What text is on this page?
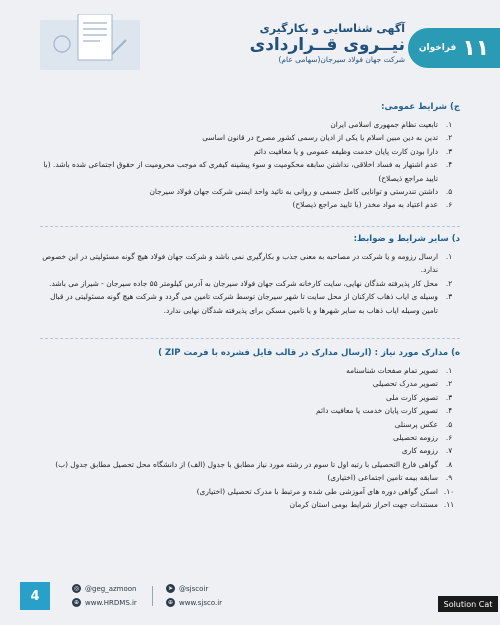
آگهی شناسایی و بکارگیری
نیــروی قــراردادی
شرکت جهان فولاد سیرجان(سهامی عام)	۱۱
فراخوان
ج) شرایط عمومی:
۱.
تابعیت نظام جمهوری اسلامی ایران
۲.
تدین به دین مبین اسلام یا یکی از ادیان رسمی کشور مصرح در قانون اساسی
۳.
دارا بودن کارت پایان خدمت وظیفه عمومی و یا معافیت دائم
۴.
عدم اشتهار به فساد اخلاقی، نداشتن سابقه محکومیت و سوء پیشینه کیفری که موجب محرومیت از حقوق اجتماعی شده باشد. (با تایید مراجع ذیصلاح)
۵.
داشتن تندرستی و توانایی کامل جسمی و روانی به تائید واحد ایمنی شرکت جهان فولاد سیرجان
۶.
عدم اعتیاد به مواد مخدر (با تایید مراجع ذیصلاح)
د) سایر شرایط و ضوابط:
۱.
ارسال رزومه و یا شرکت در مصاحبه به معنی جذب و بکارگیری نمی باشد و شرکت جهان فولاد هیچ گونه مسئولیتی در این خصوص ندارد.
۲.
محل کار پذیرفته شدگان نهایی، سایت کارخانه شرکت جهان فولاد سیرجان به آدرس کیلومتر ۵۵ جاده سیرجان - شیراز می باشد.
۳.
وسیله ی ایاب ذهاب کارکنان از محل سایت تا شهر سیرجان توسط شرکت تامین می گردد و شرکت هیچ گونه مسئولیتی در قبال تامین وسیله ایاب ذهاب به سایر شهرها و یا تامین مسکن برای پذیرفته شدگان نهایی ندارد.
ه) مدارک مورد نیاز : (ارسال مدارک در قالب فایل فشرده با فرمت ZIP )
۱.
تصویر تمام صفحات شناسنامه
۲.
تصویر مدرک تحصیلی
۳.
تصویر کارت ملی
۴.
تصویر کارت پایان خدمت یا معافیت دائم
۵.
عکس پرسنلی
۶.
رزومه تحصیلی
۷.
رزومه کاری
۸.
گواهی فارغ التحصیلی با رتبه اول تا سوم در رشته مورد نیاز مطابق با جدول (الف) از دانشگاه محل تحصیل مطابق جدول (ب)
۹.
سابقه بیمه تامین اجتماعی (اختیاری)
۱۰.
اسکن گواهی دوره های آموزشی طی شده و مرتبط با مدرک تحصیلی (اختیاری)
۱۱.
مستندات جهت احراز شرایط بومی استان کرمان
4	◎ @geg_azmoon
⊕ www.HRDMS.ir
➤ @sjscoir
⊕ www.sjsco.ir	Solution Cat
